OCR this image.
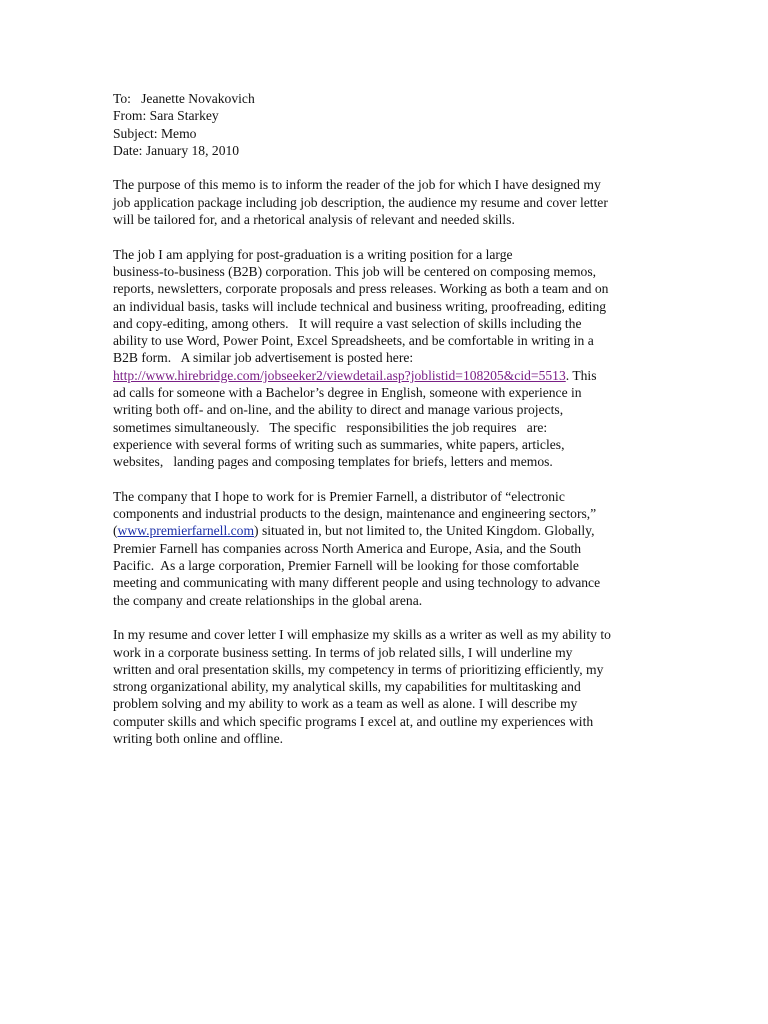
To:   Jeanette Novakovich
From: Sara Starkey
Subject: Memo
Date: January 18, 2010
The purpose of this memo is to inform the reader of the job for which I have designed my
job application package including job description, the audience my resume and cover letter
will be tailored for, and a rhetorical analysis of relevant and needed skills.
The job I am applying for post-graduation is a writing position for a large
business-to-business (B2B) corporation. This job will be centered on composing memos,
reports, newsletters, corporate proposals and press releases. Working as both a team and on
an individual basis, tasks will include technical and business writing, proofreading, editing
and copy-editing, among others.   It will require a vast selection of skills including the
ability to use Word, Power Point, Excel Spreadsheets, and be comfortable in writing in a
B2B form.   A similar job advertisement is posted here:
http://www.hirebridge.com/jobseeker2/viewdetail.asp?joblistid=108205&cid=5513. This
ad calls for someone with a Bachelor’s degree in English, someone with experience in
writing both off- and on-line, and the ability to direct and manage various projects,
sometimes simultaneously.   The specific   responsibilities the job requires   are:
experience with several forms of writing such as summaries, white papers, articles,
websites,   landing pages and composing templates for briefs, letters and memos.
The company that I hope to work for is Premier Farnell, a distributor of “electronic
components and industrial products to the design, maintenance and engineering sectors,”
(www.premierfarnell.com) situated in, but not limited to, the United Kingdom. Globally,
Premier Farnell has companies across North America and Europe, Asia, and the South
Pacific.  As a large corporation, Premier Farnell will be looking for those comfortable
meeting and communicating with many different people and using technology to advance
the company and create relationships in the global arena.
In my resume and cover letter I will emphasize my skills as a writer as well as my ability to
work in a corporate business setting. In terms of job related sills, I will underline my
written and oral presentation skills, my competency in terms of prioritizing efficiently, my
strong organizational ability, my analytical skills, my capabilities for multitasking and
problem solving and my ability to work as a team as well as alone. I will describe my
computer skills and which specific programs I excel at, and outline my experiences with
writing both online and offline.
